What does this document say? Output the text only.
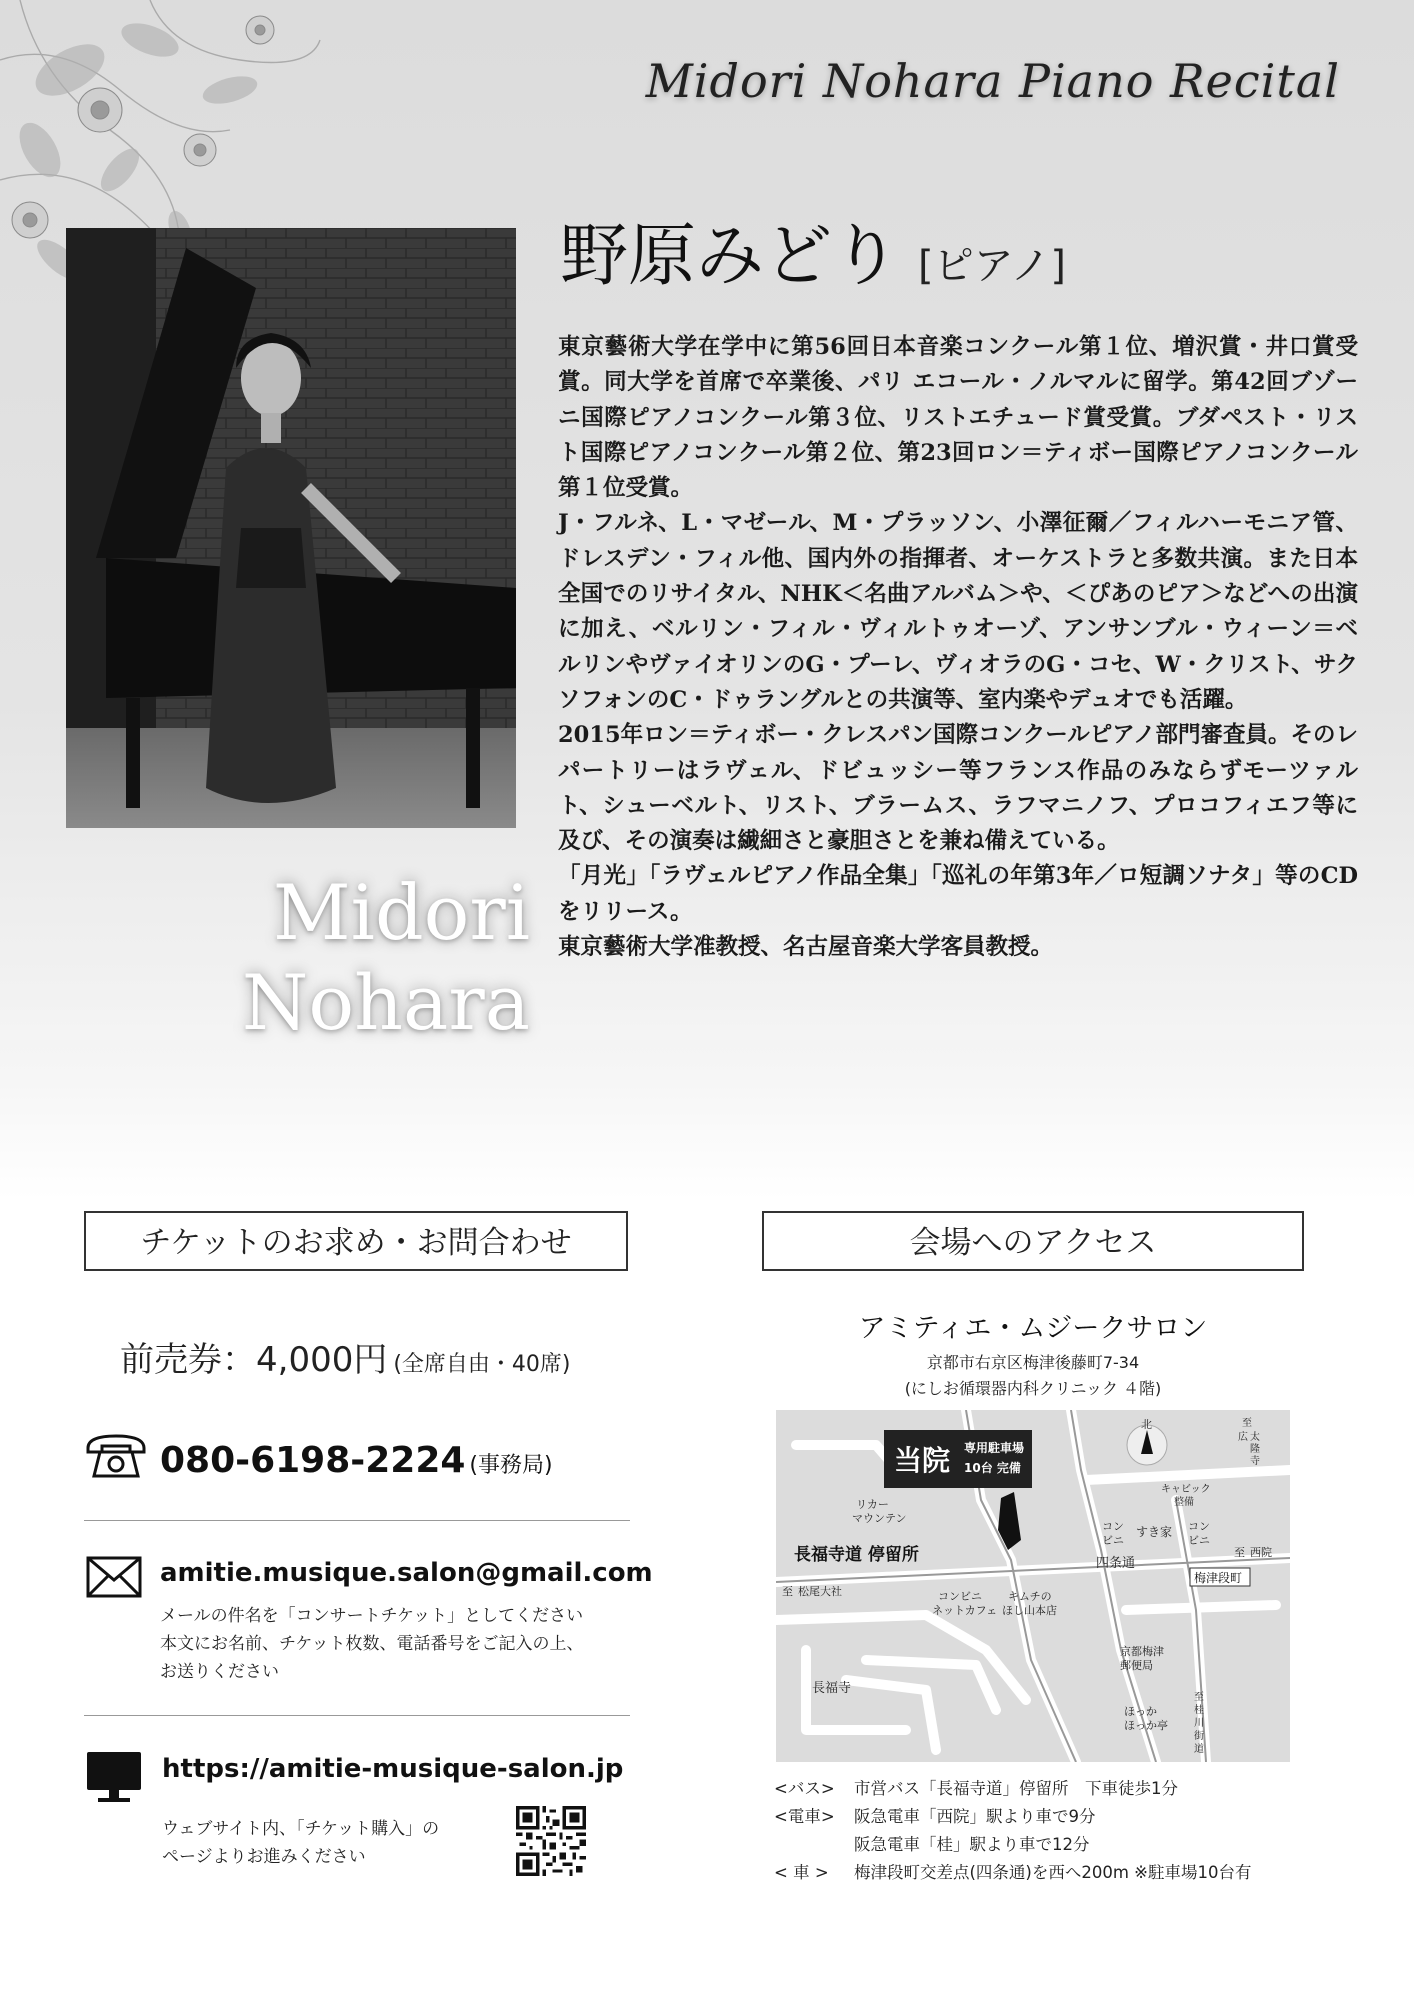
Midori Nohara Piano Recital
Midori
Nohara
野原みどり [ピアノ]

東京藝術大学在学中に第56回日本音楽コンクール第１位、増沢賞・井口賞受賞。同大学を首席で卒業後、パリ エコール・ノルマルに留学。第42回ブゾーニ国際ピアノコンクール第３位、リストエチュード賞受賞。ブダペスト・リスト国際ピアノコンクール第２位、第23回ロン＝ティボー国際ピアノコンクール第１位受賞。

J・フルネ、L・マゼール、M・プラッソン、小澤征爾／フィルハーモニア管、ドレスデン・フィル他、国内外の指揮者、オーケストラと多数共演。また日本全国でのリサイタル、NHK＜名曲アルバム＞や、＜ぴあのピア＞などへの出演に加え、ベルリン・フィル・ヴィルトゥオーゾ、アンサンブル・ウィーン＝ベルリンやヴァイオリンのG・プーレ、ヴィオラのG・コセ、W・クリスト、サクソフォンのC・ドゥラングルとの共演等、室内楽やデュオでも活躍。

2015年ロン＝ティボー・クレスパン国際コンクールピアノ部門審査員。そのレパートリーはラヴェル、ドビュッシー等フランス作品のみならずモーツァルト、シューベルト、リスト、ブラームス、ラフマニノフ、プロコフィエフ等に及び、その演奏は繊細さと豪胆さとを兼ね備えている。

「月光」「ラヴェルピアノ作品全集」「巡礼の年第3年／ロ短調ソナタ」等のCDをリリース。

東京藝術大学准教授、名古屋音楽大学客員教授。

チケットのお求め・お問合わせ
前売券：4,000円 (全席自由・40席)
080-6198-2224 (事務局)
amitie.musique.salon@gmail.com
メールの件名を「コンサートチケット」としてください
本文にお名前、チケット枚数、電話番号をご記入の上、
お送りください
https://amitie-musique-salon.jp
ウェブサイト内、「チケット購入」の
ページよりお進みください
会場へのアクセス
アミティエ・ムジークサロン
京都市右京区梅津後藤町7-34
(にしお循環器内科クリニック ４階)
当院 専用駐車場
10台 完備
北
リカー
マウンテン
長福寺道 停留所
至 松尾大社	コンビニ
ネットカフェ
キムチの
ほし山本店
長福寺
四条通
梅津段町
至 西院
コン
ビニ
すき家 コン
ビニ
キャビック
整備
至
広 太
隆
寺
京都梅津
郵便局
ほっか
ほっか亭
至
桂
川
街
道
<バス>	市営バス「長福寺道」停留所　下車徒歩1分
<電車>	阪急電車「西院」駅より車で9分
阪急電車「桂」駅より車で12分
< 車 >	梅津段町交差点(四条通)を西へ200m ※駐車場10台有
